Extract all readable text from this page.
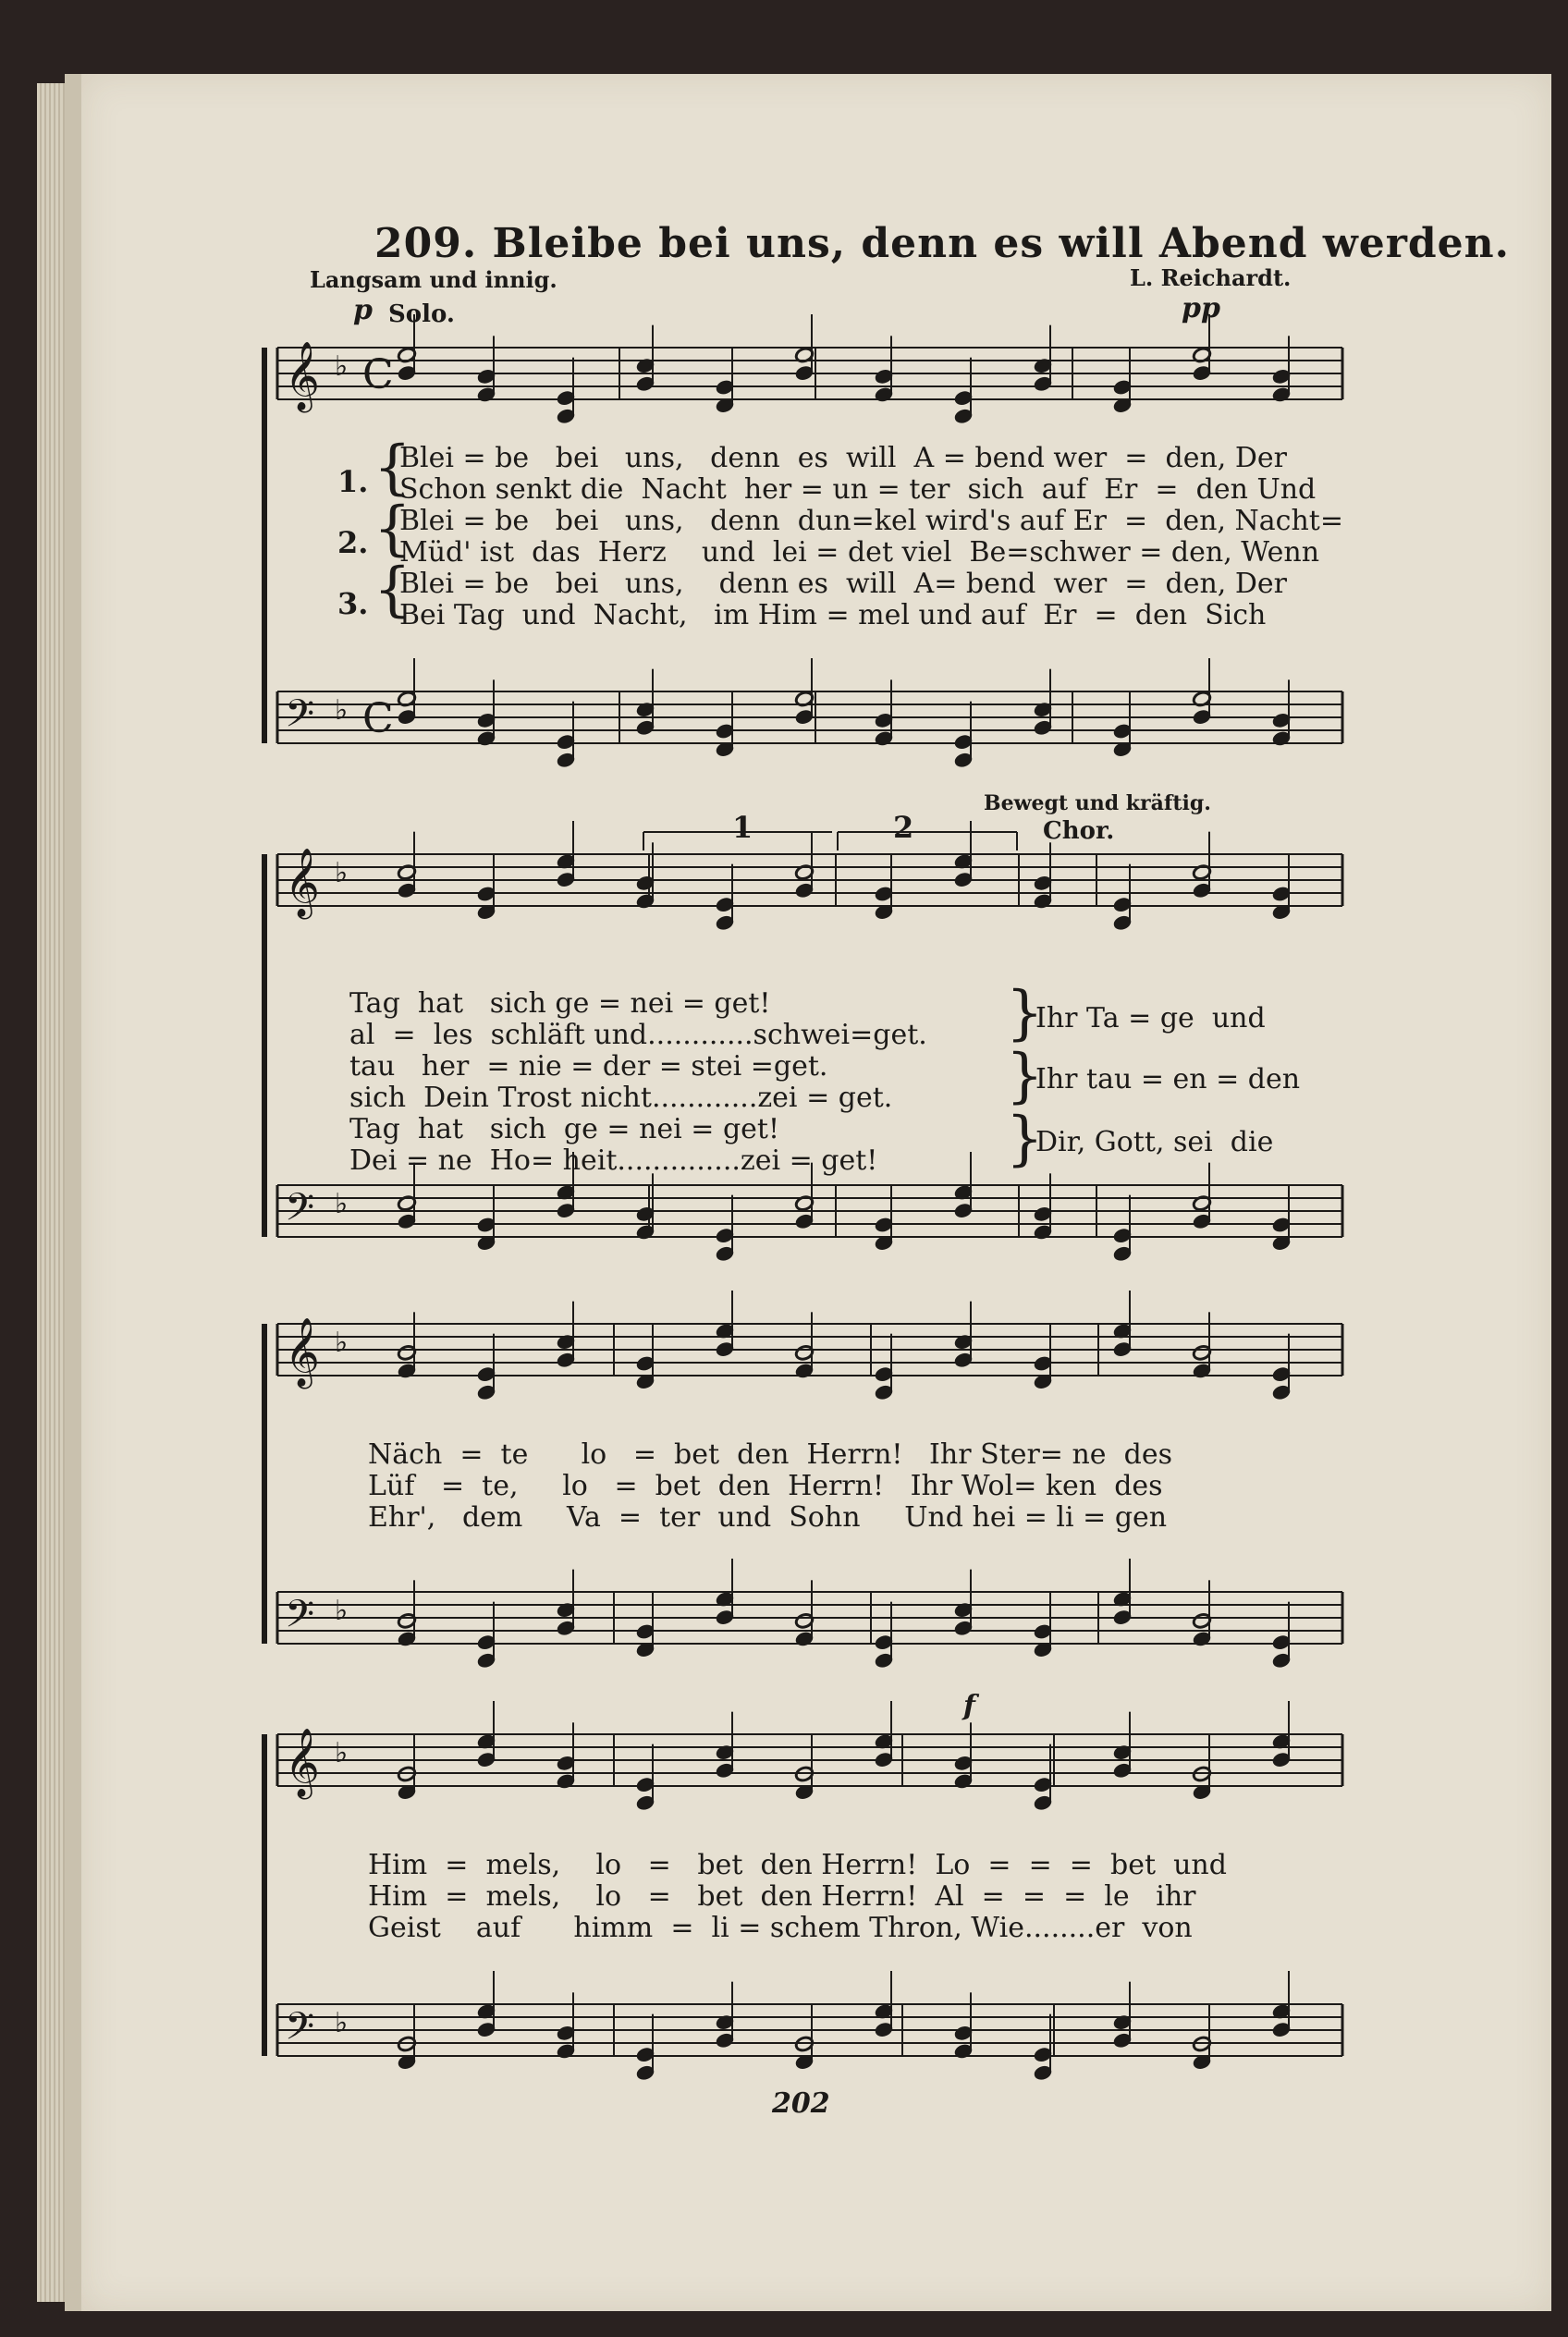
209. Bleibe bei uns, denn es will Abend werden.
Langsam und innig.	L. Reichardt.
p Solo.	pp
Bewegt und kräftig.
Chor.
f
1	2
𝄞 ♭ C
𝄢 ♭ C
𝄞 ♭
𝄢 ♭
𝄞 ♭
𝄢 ♭
𝄞 ♭
𝄢 ♭
1.
2.
3.
{
{
{
Blei = be   bei   uns,   denn  es  will  A = bend wer  =  den, Der
Schon senkt die  Nacht  her = un = ter  sich  auf  Er  =  den Und
Blei = be   bei   uns,   denn  dun=kel wird's auf Er  =  den, Nacht=
Müd' ist  das  Herz    und  lei = det viel  Be=schwer = den, Wenn
Blei = be   bei   uns,    denn es  will  A= bend  wer  =  den, Der
Bei Tag  und  Nacht,   im Him = mel und auf  Er  =  den  Sich
Tag  hat   sich ge = nei = get!
al  =  les  schläft und............schwei=get.
tau   her  = nie = der = stei =get.
sich  Dein Trost nicht............zei = get.
Tag  hat   sich  ge = nei = get!
Dei = ne  Ho= heit..............zei = get!
}
}
}
Ihr Ta = ge  und
Ihr tau = en = den
Dir, Gott, sei  die
Näch  =  te      lo   =  bet  den  Herrn!   Ihr Ster= ne  des
Lüf   =  te,     lo   =  bet  den  Herrn!   Ihr Wol= ken  des
Ehr',   dem     Va  =  ter  und  Sohn     Und hei = li = gen
Him  =  mels,    lo   =   bet  den Herrn!  Lo  =  =  =  bet  und
Him  =  mels,    lo   =   bet  den Herrn!  Al  =  =  =  le   ihr
Geist    auf      himm  =  li = schem Thron, Wie........er  von
202
